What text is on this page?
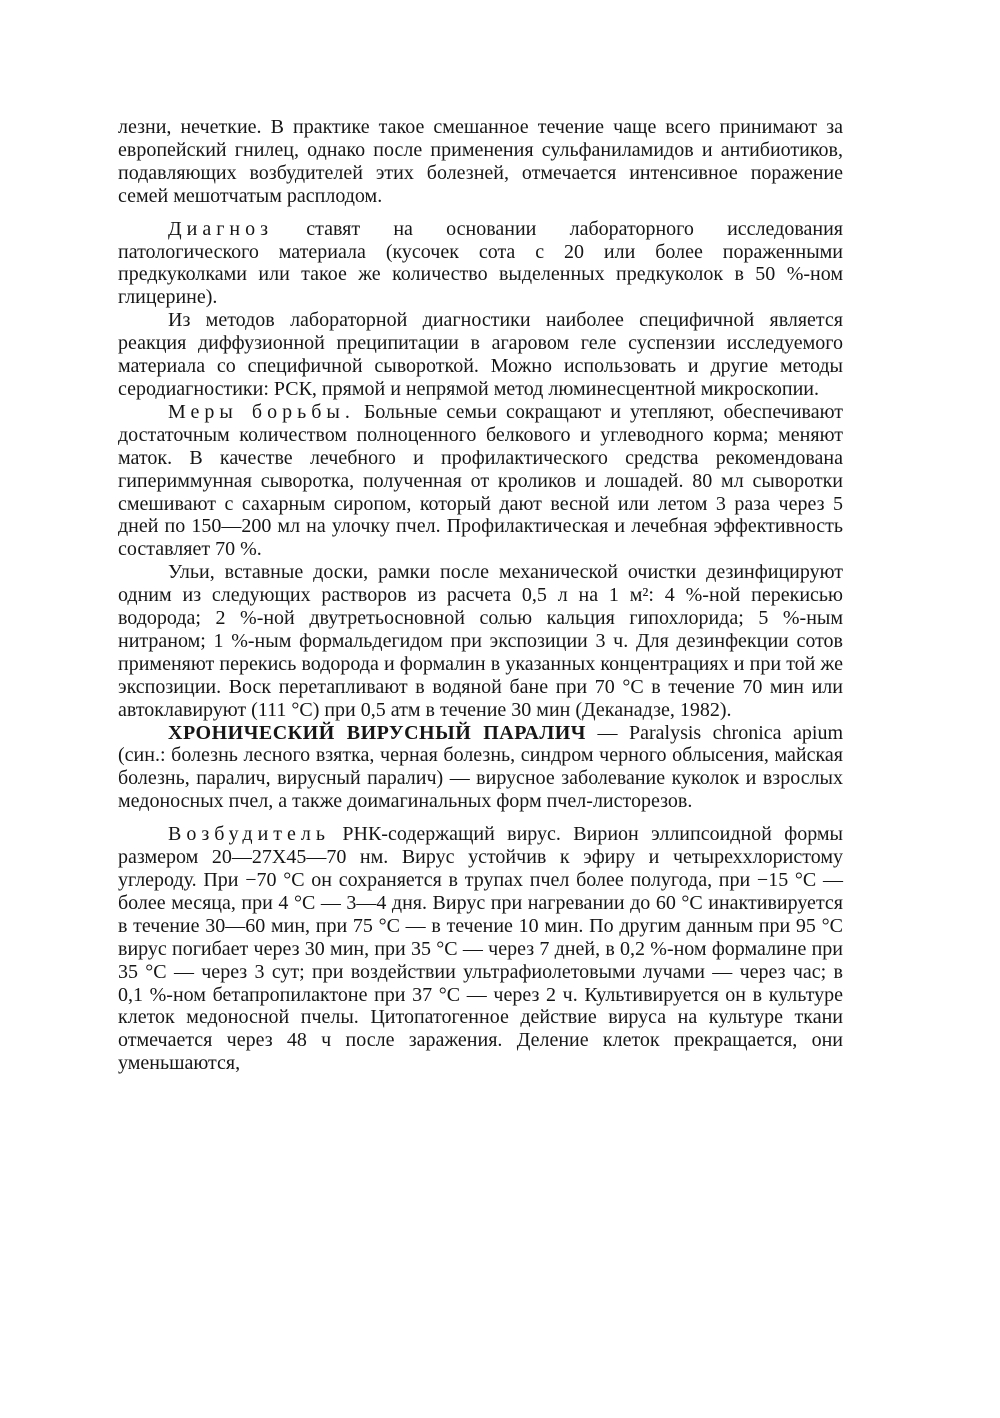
лезни, нечеткие. В практике такое смешанное течение чаще всего принимают за европейский гнилец, однако после применения сульфаниламидов и антибиотиков, подавляющих возбудителей этих болезней, отмечается интенсивное поражение семей мешотчатым расплодом.

Диагноз ставят на основании лабораторного исследования патологического материала (кусочек сота с 20 или более пораженными предкуколками или такое же количество выделенных предкуколок в 50 %-ном глицерине).

Из методов лабораторной диагностики наиболее специфичной является реакция диффузионной преципитации в агаровом геле суспензии исследуемого материала со специфичной сывороткой. Можно использовать и другие методы серодиагностики: РСК, прямой и непрямой метод люминесцентной микроскопии.

Меры борьбы. Больные семьи сокращают и утепляют, обеспечивают достаточным количеством полноценного белкового и углеводного корма; меняют маток. В качестве лечебного и профилактического средства рекомендована гипериммунная сыворотка, полученная от кроликов и лошадей. 80 мл сыворотки смешивают с сахарным сиропом, который дают весной или летом 3 раза через 5 дней по 150—200 мл на улочку пчел. Профилактическая и лечебная эффективность составляет 70 %.

Ульи, вставные доски, рамки после механической очистки дезинфицируют одним из следующих растворов из расчета 0,5 л на 1 м²: 4 %-ной перекисью водорода; 2 %-ной двутретьосновной солью кальция гипохлорида; 5 %-ным нитраном; 1 %-ным формальдегидом при экспозиции 3 ч. Для дезинфекции сотов применяют перекись водорода и формалин в указанных концентрациях и при той же экспозиции. Воск перетапливают в водяной бане при 70 °С в течение 70 мин или автоклавируют (111 °С) при 0,5 атм в течение 30 мин (Деканадзе, 1982).

ХРОНИЧЕСКИЙ ВИРУСНЫЙ ПАРАЛИЧ — Paralysis chronica apium (син.: болезнь лесного взятка, черная болезнь, синдром черного облысения, майская болезнь, паралич, вирусный паралич) — вирусное заболевание куколок и взрослых медоносных пчел, а также доимагинальных форм пчел-листорезов.

Возбудитель РНК-содержащий вирус. Вирион эллипсоидной формы размером 20—27Х45—70 нм. Вирус устойчив к эфиру и четыреххлористому углероду. При −70 °С он сохраняется в трупах пчел более полугода, при −15 °С — более месяца, при 4 °С — 3—4 дня. Вирус при нагревании до 60 °С инактивируется в течение 30—60 мин, при 75 °С — в течение 10 мин. По другим данным при 95 °С вирус погибает через 30 мин, при 35 °С — через 7 дней, в 0,2 %-ном формалине при 35 °С — через 3 сут; при воздействии ультрафиолетовыми лучами — через час; в 0,1 %-ном бетапропилактоне при 37 °С — через 2 ч. Культивируется он в культуре клеток медоносной пчелы. Цитопатогенное действие вируса на культуре ткани отмечается через 48 ч после заражения. Деление клеток прекращается, они уменьшаются,
